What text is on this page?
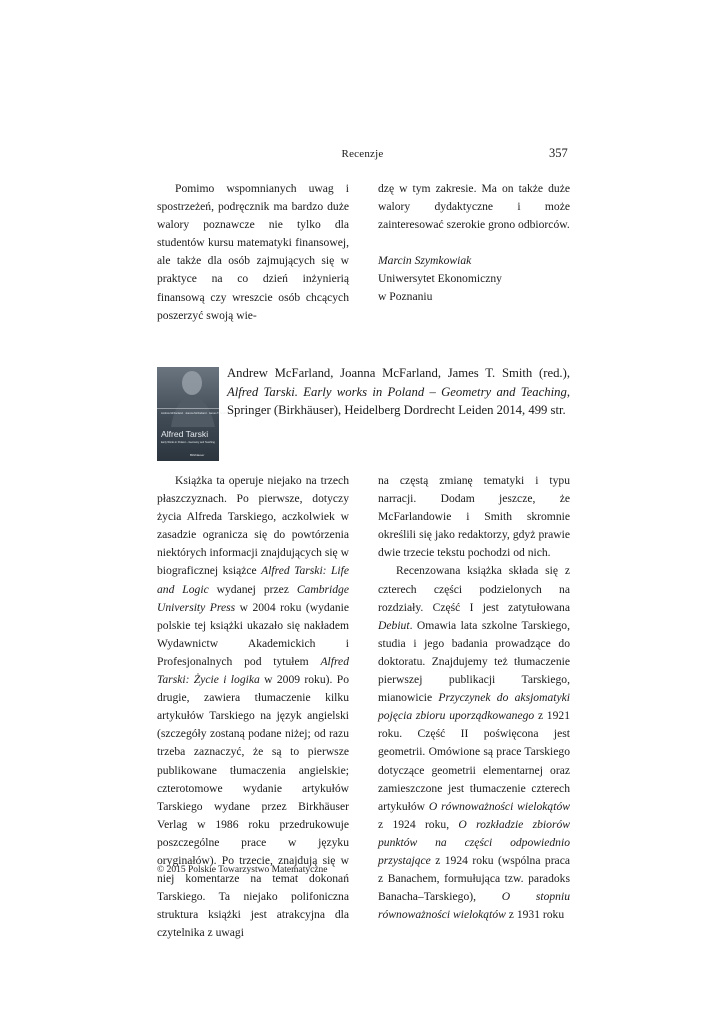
Recenzje	357

Pomimo wspomnianych uwag i spostrzeżeń, podręcznik ma bardzo duże walory poznawcze nie tylko dla studentów kursu matematyki finansowej, ale także dla osób zajmujących się w praktyce na co dzień inżynierią finansową czy wreszcie osób chcących poszerzyć swoją wie-

dzę w tym zakresie. Ma on także duże walory dydaktyczne i może zainteresować szerokie grono odbiorców.

Marcin Szymkowiak
Uniwersytet Ekonomiczny
w Poznaniu
Andrew McFarland · Joanna McFarland · James T. Smith
Alfred Tarski
Early Works in Poland – Geometry and Teaching
Birkhäuser

Andrew McFarland, Joanna McFarland, James T. Smith (red.), Alfred Tarski. Early works in Poland – Geometry and Teaching, Springer (Birkhäuser), Heidelberg Dordrecht Leiden 2014, 499 str.

Książka ta operuje niejako na trzech płaszczyznach. Po pierwsze, dotyczy życia Alfreda Tarskiego, aczkolwiek w zasadzie ogranicza się do powtórzenia niektórych informacji znajdujących się w biograficznej książce Alfred Tarski: Life and Logic wydanej przez Cambridge University Press w 2004 roku (wydanie polskie tej książki ukazało się nakładem Wydawnictw Akademickich i Profesjonalnych pod tytułem Alfred Tarski: Życie i logika w 2009 roku). Po drugie, zawiera tłumaczenie kilku artykułów Tarskiego na język angielski (szczegóły zostaną podane niżej; od razu trzeba zaznaczyć, że są to pierwsze publikowane tłumaczenia angielskie; czterotomowe wydanie artykułów Tarskiego wydane przez Birkhäuser Verlag w 1986 roku przedrukowuje poszczególne prace w języku oryginałów). Po trzecie, znajdują się w niej komentarze na temat dokonań Tarskiego. Ta niejako polifoniczna struktura książki jest atrakcyjna dla czytelnika z uwagi

na częstą zmianę tematyki i typu narracji. Dodam jeszcze, że McFarlandowie i Smith skromnie określili się jako redaktorzy, gdyż prawie dwie trzecie tekstu pochodzi od nich.

Recenzowana książka składa się z czterech części podzielonych na rozdziały. Część I jest zatytułowana Debiut. Omawia lata szkolne Tarskiego, studia i jego badania prowadzące do doktoratu. Znajdujemy też tłumaczenie pierwszej publikacji Tarskiego, mianowicie Przyczynek do aksjomatyki pojęcia zbioru uporządkowanego z 1921 roku. Część II poświęcona jest geometrii. Omówione są prace Tarskiego dotyczące geometrii elementarnej oraz zamieszczone jest tłumaczenie czterech artykułów O równoważności wielokątów z 1924 roku, O rozkładzie zbiorów punktów na części odpowiednio przystające z 1924 roku (wspólna praca z Banachem, formułująca tzw. paradoks Banacha–Tarskiego), O stopniu równoważności wielokątów z 1931 roku

© 2015 Polskie Towarzystwo Matematyczne
